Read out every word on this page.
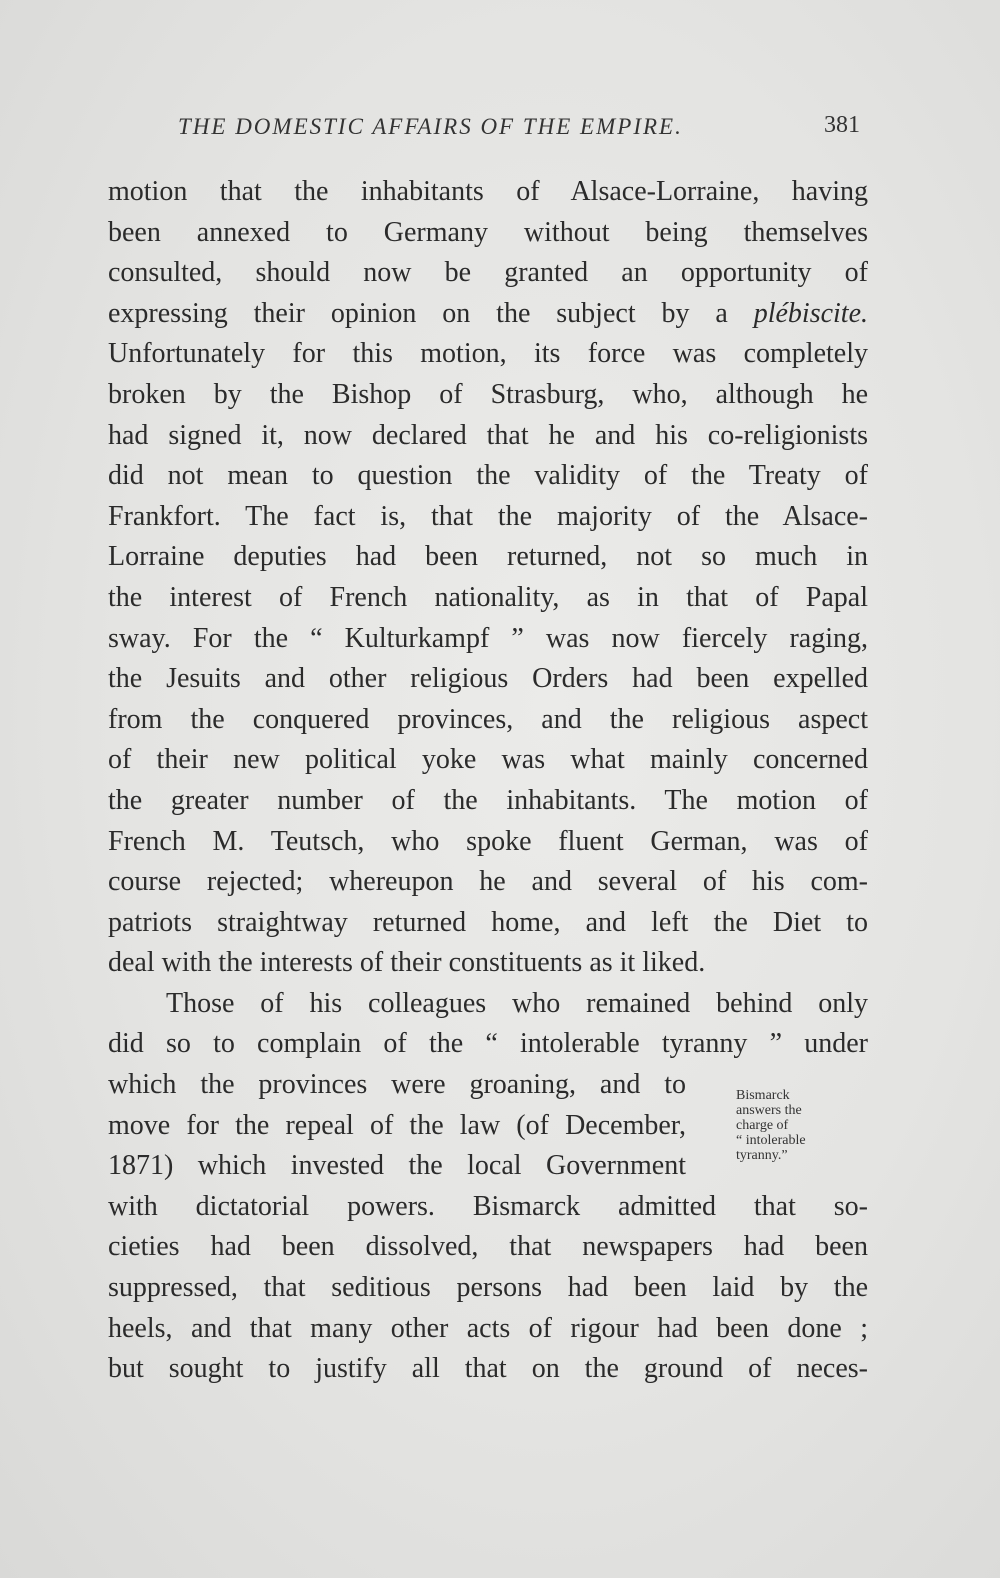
THE DOMESTIC AFFAIRS OF THE EMPIRE.	381
motion that the inhabitants of Alsace-Lorraine, having
been annexed to Germany without being themselves
consulted, should now be granted an opportunity of
expressing their opinion on the subject by a plébiscite.
Unfortunately for this motion, its force was completely
broken by the Bishop of Strasburg, who, although he
had signed it, now declared that he and his co-religionists
did not mean to question the validity of the Treaty of
Frankfort. The fact is, that the majority of the Alsace-
Lorraine deputies had been returned, not so much in
the interest of French nationality, as in that of Papal
sway. For the “ Kulturkampf ” was now fiercely raging,
the Jesuits and other religious Orders had been expelled
from the conquered provinces, and the religious aspect
of their new political yoke was what mainly concerned
the greater number of the inhabitants. The motion of
French M. Teutsch, who spoke fluent German, was of
course rejected; whereupon he and several of his com-
patriots straightway returned home, and left the Diet to
deal with the interests of their constituents as it liked.
Those of his colleagues who remained behind only
did so to complain of the “ intolerable tyranny ” under
which the provinces were groaning, and to
move for the repeal of the law (of December,
1871) which invested the local Government
with dictatorial powers. Bismarck admitted that so-
cieties had been dissolved, that newspapers had been
suppressed, that seditious persons had been laid by the
heels, and that many other acts of rigour had been done ;
but sought to justify all that on the ground of neces-
Bismarck
answers the
charge of
“ intolerable
tyranny.”
